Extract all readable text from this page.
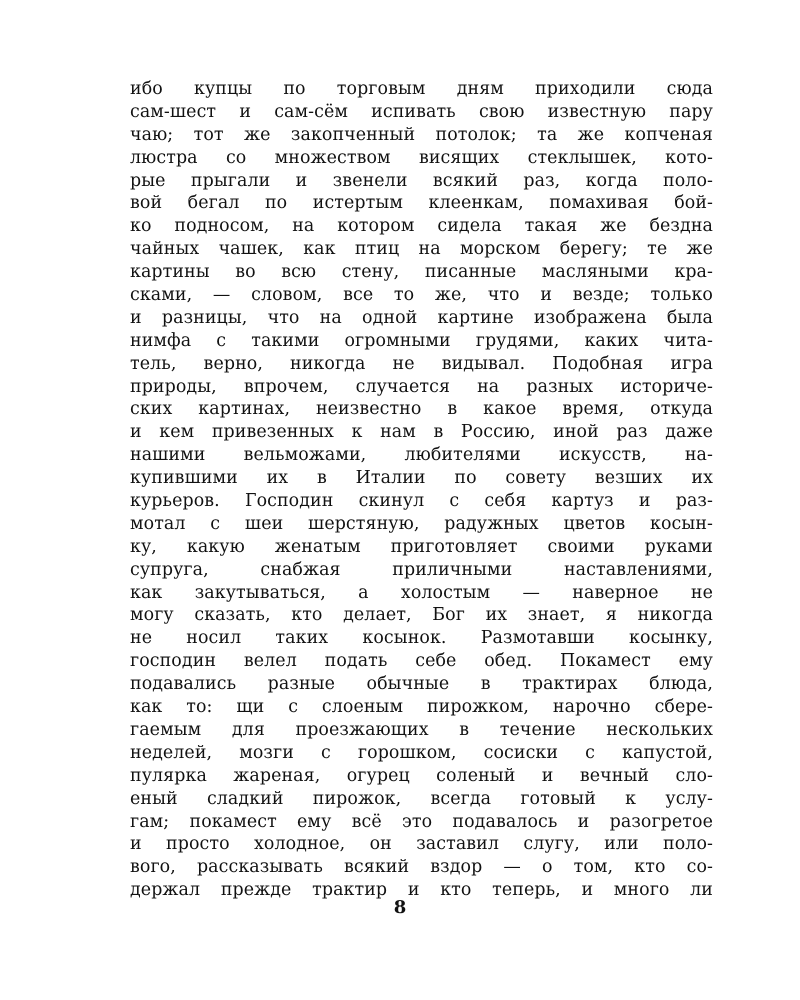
ибо купцы по торговым дням приходили сюда
сам-шест и сам-сём испивать свою известную пару
чаю; тот же закопченный потолок; та же копченая
люстра со множеством висящих стеклышек, кото-
рые прыгали и звенели всякий раз, когда поло-
вой бегал по истертым клеенкам, помахивая бой-
ко подносом, на котором сидела такая же бездна
чайных чашек, как птиц на морском берегу; те же
картины во всю стену, писанные масляными кра-
сками, — словом, все то же, что и везде; только
и разницы, что на одной картине изображена была
нимфа с такими огромными грудями, каких чита-
тель, верно, никогда не видывал. Подобная игра
природы, впрочем, случается на разных историче-
ских картинах, неизвестно в какое время, откуда
и кем привезенных к нам в Россию, иной раз даже
нашими вельможами, любителями искусств, на-
купившими их в Италии по совету везших их
курьеров. Господин скинул с себя картуз и раз-
мотал с шеи шерстяную, радужных цветов косын-
ку, какую женатым приготовляет своими руками
супруга, снабжая приличными наставлениями,
как закутываться, а холостым — наверное не
могу сказать, кто делает, Бог их знает, я никогда
не носил таких косынок. Размотавши косынку,
господин велел подать себе обед. Покамест ему
подавались разные обычные в трактирах блюда,
как то: щи с слоеным пирожком, нарочно сбере-
гаемым для проезжающих в течение нескольких
неделей, мозги с горошком, сосиски с капустой,
пулярка жареная, огурец соленый и вечный сло-
еный сладкий пирожок, всегда готовый к услу-
гам; покамест ему всё это подавалось и разогретое
и просто холодное, он заставил слугу, или поло-
вого, рассказывать всякий вздор — о том, кто со-
держал прежде трактир и кто теперь, и много ли
8
